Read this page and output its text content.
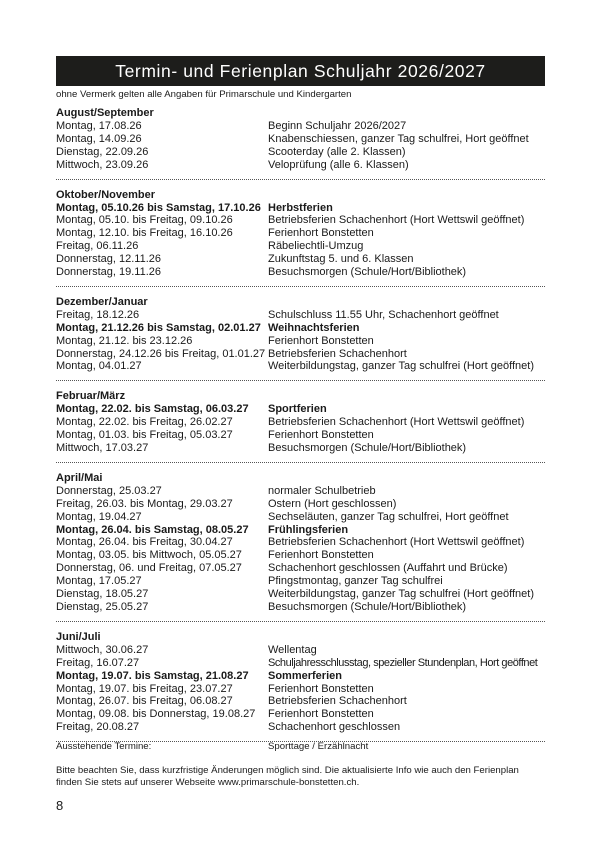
Termin- und Ferienplan Schuljahr 2026/2027
ohne Vermerk gelten alle Angaben für Primarschule und Kindergarten
August/September
Montag, 17.08.26	Beginn Schuljahr 2026/2027
Montag, 14.09.26	Knabenschiessen, ganzer Tag schulfrei, Hort geöffnet
Dienstag, 22.09.26	Scooterday (alle 2. Klassen)
Mittwoch, 23.09.26	Veloprüfung (alle 6. Klassen)
Oktober/November
Montag, 05.10.26 bis Samstag, 17.10.26 Herbstferien
Montag, 05.10. bis Freitag, 09.10.26	Betriebsferien Schachenhort (Hort Wettswil geöffnet)
Montag, 12.10. bis Freitag, 16.10.26	Ferienhort Bonstetten
Freitag, 06.11.26	Räbeliechtli-Umzug
Donnerstag, 12.11.26	Zukunftstag 5. und 6. Klassen
Donnerstag, 19.11.26	Besuchsmorgen (Schule/Hort/Bibliothek)
Dezember/Januar
Freitag, 18.12.26	Schulschluss 11.55 Uhr, Schachenhort geöffnet
Montag, 21.12.26 bis Samstag, 02.01.27 Weihnachtsferien
Montag, 21.12. bis 23.12.26	Ferienhort Bonstetten
Donnerstag, 24.12.26 bis Freitag, 01.01.27 Betriebsferien Schachenhort
Montag, 04.01.27	Weiterbildungstag, ganzer Tag schulfrei (Hort geöffnet)
Februar/März
Montag, 22.02. bis Samstag, 06.03.27	Sportferien
Montag, 22.02. bis Freitag, 26.02.27	Betriebsferien Schachenhort (Hort Wettswil geöffnet)
Montag, 01.03. bis Freitag, 05.03.27	Ferienhort Bonstetten
Mittwoch, 17.03.27	Besuchsmorgen (Schule/Hort/Bibliothek)
April/Mai
Donnerstag, 25.03.27	normaler Schulbetrieb
Freitag, 26.03. bis Montag, 29.03.27	Ostern (Hort geschlossen)
Montag, 19.04.27	Sechseläuten, ganzer Tag schulfrei, Hort geöffnet
Montag, 26.04. bis Samstag, 08.05.27	Frühlingsferien
Montag, 26.04. bis Freitag, 30.04.27	Betriebsferien Schachenhort (Hort Wettswil geöffnet)
Montag, 03.05. bis Mittwoch, 05.05.27	Ferienhort Bonstetten
Donnerstag, 06. und Freitag, 07.05.27	Schachenhort geschlossen (Auffahrt und Brücke)
Montag, 17.05.27	Pfingstmontag, ganzer Tag schulfrei
Dienstag, 18.05.27	Weiterbildungstag, ganzer Tag schulfrei (Hort geöffnet)
Dienstag, 25.05.27	Besuchsmorgen (Schule/Hort/Bibliothek)
Juni/Juli
Mittwoch, 30.06.27	Wellentag
Freitag, 16.07.27	Schuljahresschlusstag, spezieller Stundenplan, Hort geöffnet
Montag, 19.07. bis Samstag, 21.08.27	Sommerferien
Montag, 19.07. bis Freitag, 23.07.27	Ferienhort Bonstetten
Montag, 26.07. bis Freitag, 06.08.27	Betriebsferien Schachenhort
Montag, 09.08. bis Donnerstag, 19.08.27	Ferienhort Bonstetten
Freitag, 20.08.27	Schachenhort geschlossen
Ausstehende Termine:	Sporttage / Erzählnacht
Bitte beachten Sie, dass kurzfristige Änderungen möglich sind. Die aktualisierte Info wie auch den Ferienplan finden Sie stets auf unserer Webseite www.primarschule-bonstetten.ch.
8
